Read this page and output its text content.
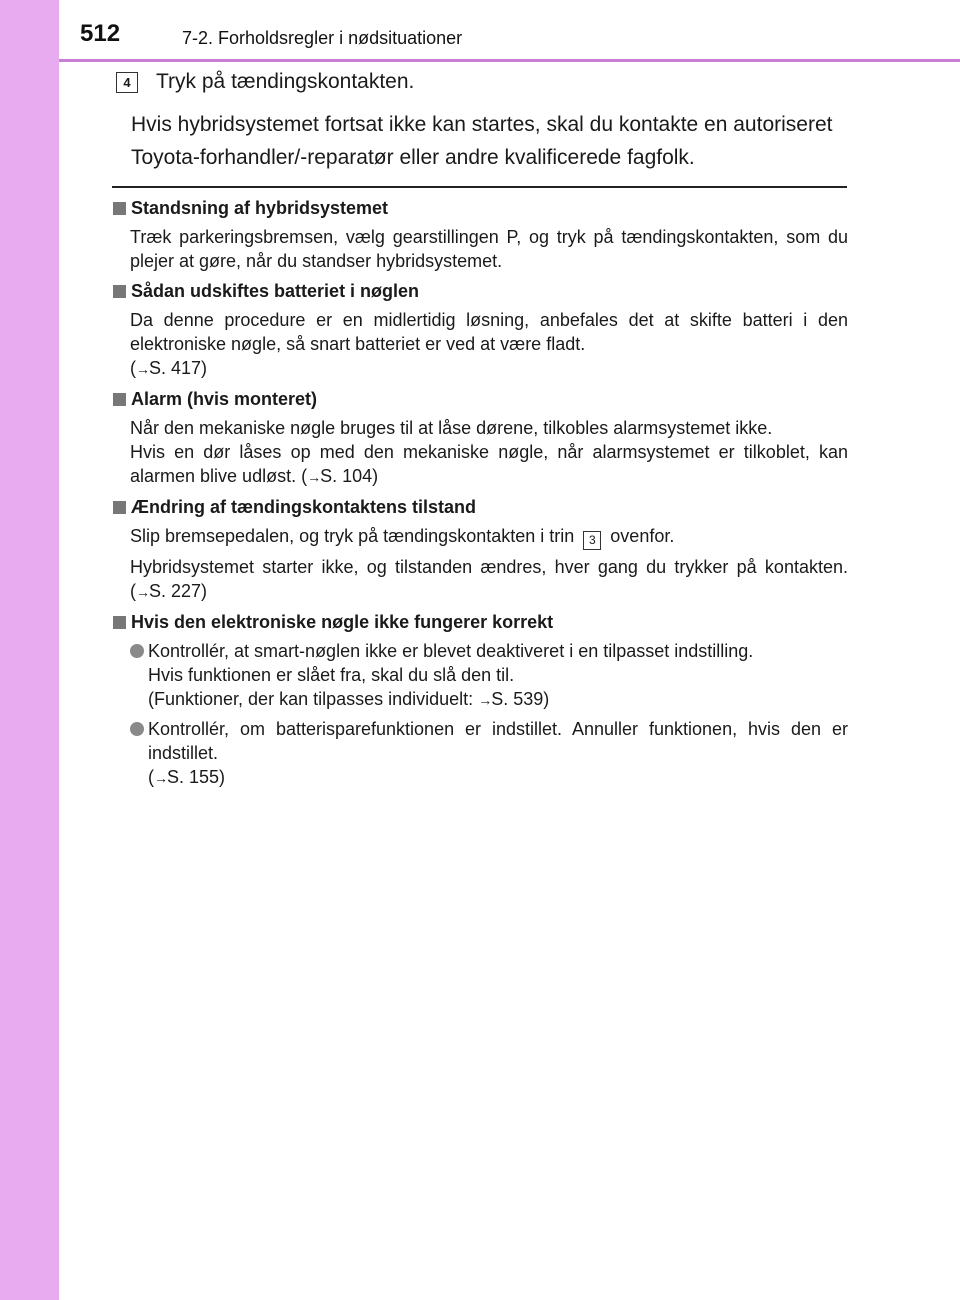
512	7-2. Forholdsregler i nødsituationer
4	Tryk på tændingskontakten.
Hvis hybridsystemet fortsat ikke kan startes, skal du kontakte en autoriseret Toyota-forhandler/-reparatør eller andre kvalificerede fagfolk.
Standsning af hybridsystemet

Træk parkeringsbremsen, vælg gearstillingen P, og tryk på tændingskontakten, som du plejer at gøre, når du standser hybridsystemet.

Sådan udskiftes batteriet i nøglen

Da denne procedure er en midlertidig løsning, anbefales det at skifte batteri i den elektroniske nøgle, så snart batteriet er ved at være fladt.
(→S. 417)

Alarm (hvis monteret)

Når den mekaniske nøgle bruges til at låse dørene, tilkobles alarmsystemet ikke.
Hvis en dør låses op med den mekaniske nøgle, når alarmsystemet er tilkoblet, kan alarmen blive udløst. (→S. 104)

Ændring af tændingskontaktens tilstand

Slip bremsepedalen, og tryk på tændingskontakten i trin 3 ovenfor.

Hybridsystemet starter ikke, og tilstanden ændres, hver gang du trykker på kontakten. (→S. 227)

Hvis den elektroniske nøgle ikke fungerer korrekt
Kontrollér, at smart-nøglen ikke er blevet deaktiveret i en tilpasset indstilling.
Hvis funktionen er slået fra, skal du slå den til.
(Funktioner, der kan tilpasses individuelt: →S. 539)
Kontrollér, om batterisparefunktionen er indstillet. Annuller funktionen, hvis den er indstillet.
(→S. 155)
